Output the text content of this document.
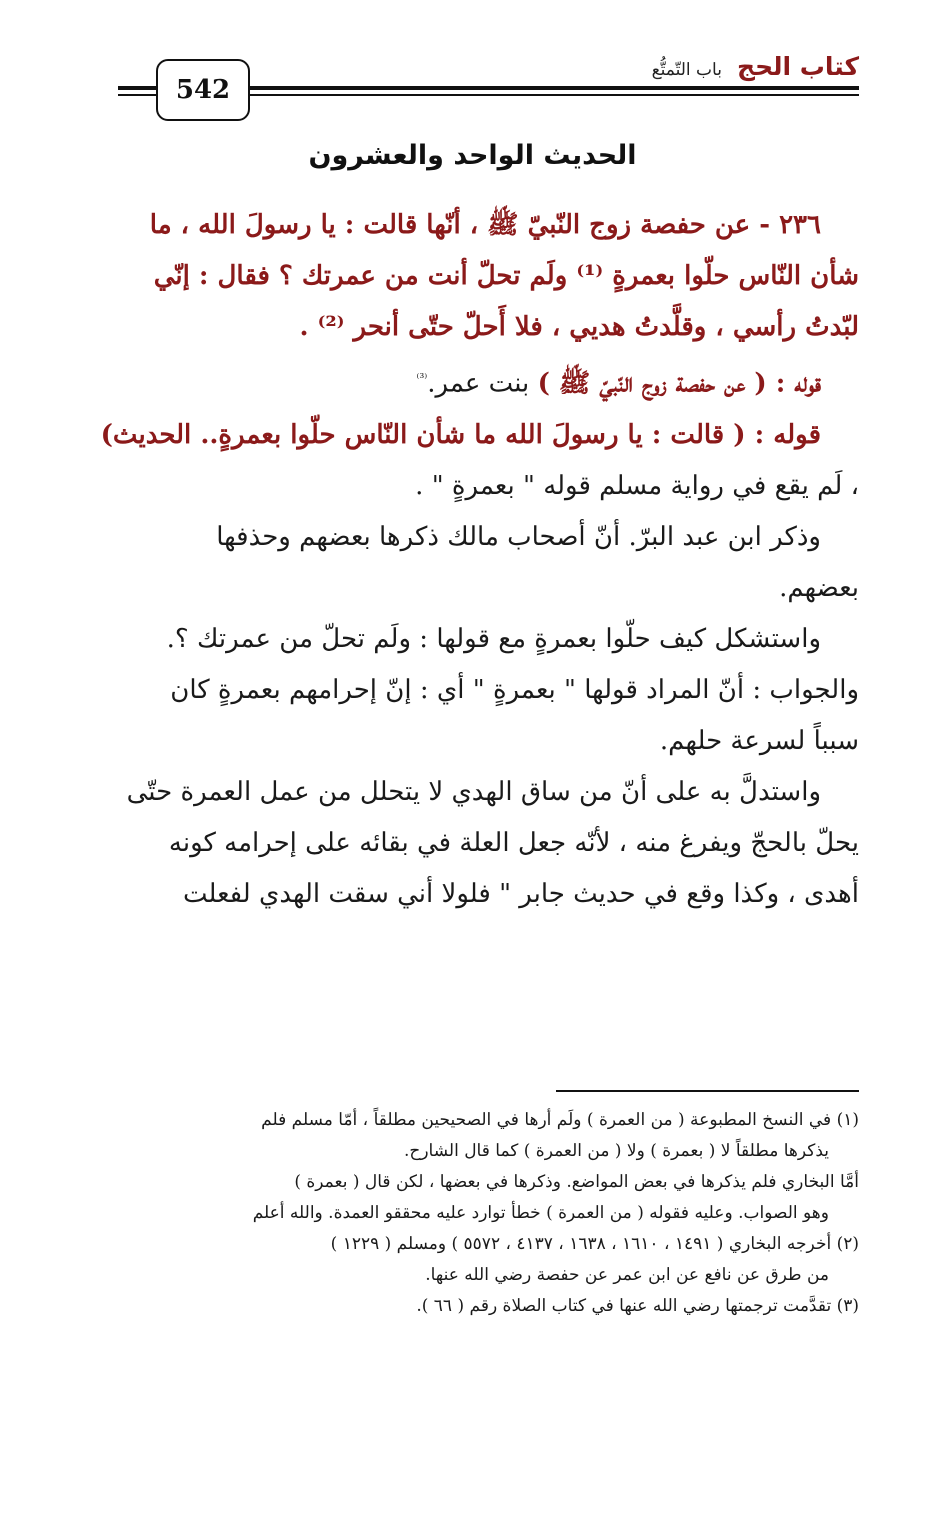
كتاب الحج باب التّمتُّع
542
الحديث الواحد والعشرون
٢٣٦ - عن حفصة زوج النّبيّ ﷺ ، أنّها قالت : يا رسولَ الله ، ما
شأن النّاس حلّوا بعمرةٍ ⁽¹⁾ ولَم تحلّ أنت من عمرتك ؟ فقال : إنّي
لبّدتُ رأسي ، وقلَّدتُ هديي ، فلا أَحلّ حتّى أنحر ⁽²⁾ .
قوله : ( عن حفصة زوج النّبيّ ﷺ ) بنت عمر.$^{^{(3)}}$
قوله : ( قالت : يا رسولَ الله ما شأن النّاس حلّوا بعمرةٍ.. الحديث)
، لَم يقع في رواية مسلم قوله " بعمرةٍ " .
وذكر ابن عبد البرّ. أنّ أصحاب مالك ذكرها بعضهم وحذفها
بعضهم.
واستشكل كيف حلّوا بعمرةٍ مع قولها : ولَم تحلّ من عمرتك ؟.
والجواب : أنّ المراد قولها " بعمرةٍ " أي : إنّ إحرامهم بعمرةٍ كان
سبباً لسرعة حلهم.
واستدلَّ به على أنّ من ساق الهدي لا يتحلل من عمل العمرة حتّى
يحلّ بالحجّ ويفرغ منه ، لأنّه جعل العلة في بقائه على إحرامه كونه
أهدى ، وكذا وقع في حديث جابر " فلولا أني سقت الهدي لفعلت
(١) في النسخ المطبوعة ( من العمرة ) ولَم أرها في الصحيحين مطلقاً ، أمّا مسلم فلم
يذكرها مطلقاً لا ( بعمرة ) ولا ( من العمرة ) كما قال الشارح.
أمَّا البخاري فلم يذكرها في بعض المواضع. وذكرها في بعضها ، لكن قال ( بعمرة )
وهو الصواب. وعليه فقوله ( من العمرة ) خطأ توارد عليه محققو العمدة. والله أعلم
(٢) أخرجه البخاري ( ١٤٩١ ، ١٦١٠ ، ١٦٣٨ ، ٤١٣٧ ، ٥٥٧٢ ) ومسلم ( ١٢٢٩ )
من طرق عن نافع عن ابن عمر عن حفصة رضي الله عنها.
(٣) تقدَّمت ترجمتها رضي الله عنها في كتاب الصلاة رقم ( ٦٦ ).
